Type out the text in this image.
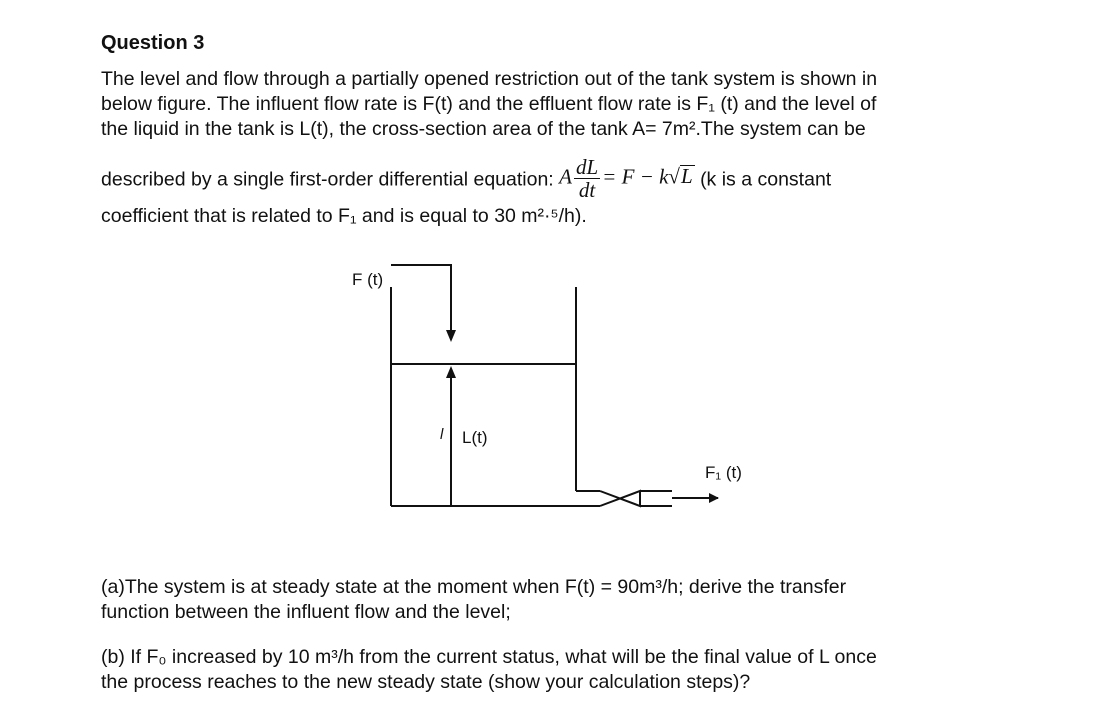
Question 3
The level and flow through a partially opened restriction out of the tank system is shown in
below figure. The influent flow rate is F(t) and the effluent flow rate is F₁ (t) and the level of
the liquid in the tank is L(t), the cross-section area of the tank A= 7m².The system can be
described by a single first-order differential equation: A $\frac{dL}{dt} = F - k√L$ (k is a constant
coefficient that is related to F₁ and is equal to 30 m²·⁵/h).
F (t)
l L(t)
F₁ (t)
(a)The system is at steady state at the moment when F(t) = 90m³/h; derive the transfer
function between the influent flow and the level;
(b) If F₀ increased by 10 m³/h from the current status, what will be the final value of L once
the process reaches to the new steady state (show your calculation steps)?
